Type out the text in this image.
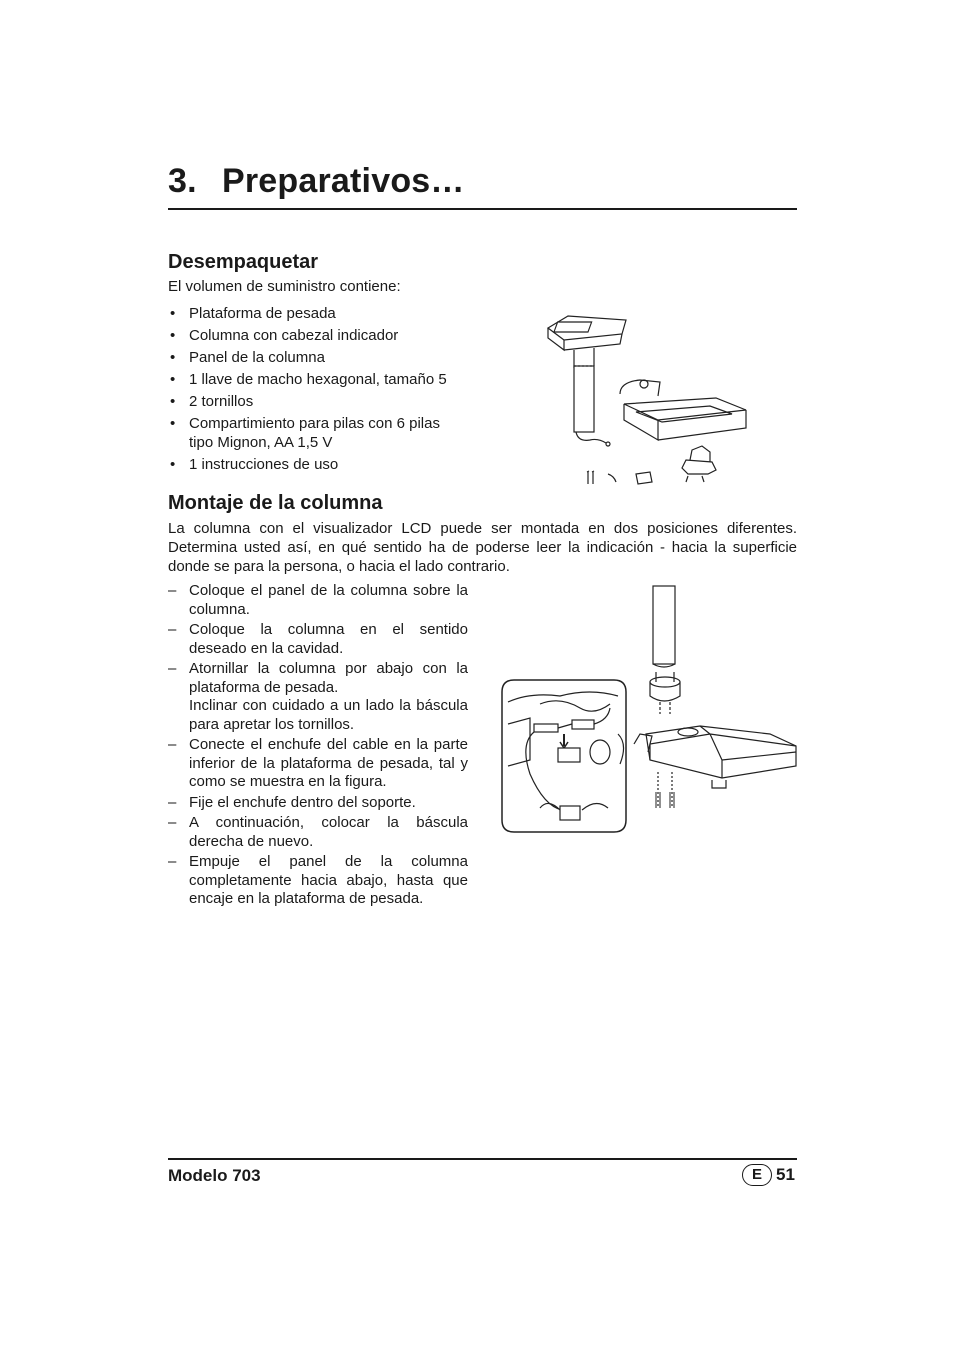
3. Preparativos…
Desempaquetar
El volumen de suministro contiene:
• Plataforma de pesada
• Columna con cabezal indicador
• Panel de la columna
• 1 llave de macho hexagonal, tamaño 5
• 2 tornillos
• Compartimiento para pilas con 6 pilas tipo Mignon, AA 1,5 V
• 1 instrucciones de uso
Montaje de la columna
La columna con el visualizador LCD puede ser montada en dos posiciones diferentes. Determina usted así, en qué sentido ha de poderse leer la indicación - hacia la superficie donde se para la persona, o hacia el lado contrario.
– Coloque el panel de la columna sobre la columna.
– Coloque la columna en el sentido deseado en la cavidad.
– Atornillar la columna por abajo con la plataforma de pesada.
Inclinar con cuidado a un lado la báscula para apretar los tornillos.
– Conecte el enchufe del cable en la parte inferior de la plataforma de pesada, tal y como se muestra en la figura.
– Fije el enchufe dentro del soporte.
– A continuación, colocar la báscula derecha de nuevo.
– Empuje el panel de la columna completamente hacia abajo, hasta que encaje en la plataforma de pesada.
Modelo 703	E 51
